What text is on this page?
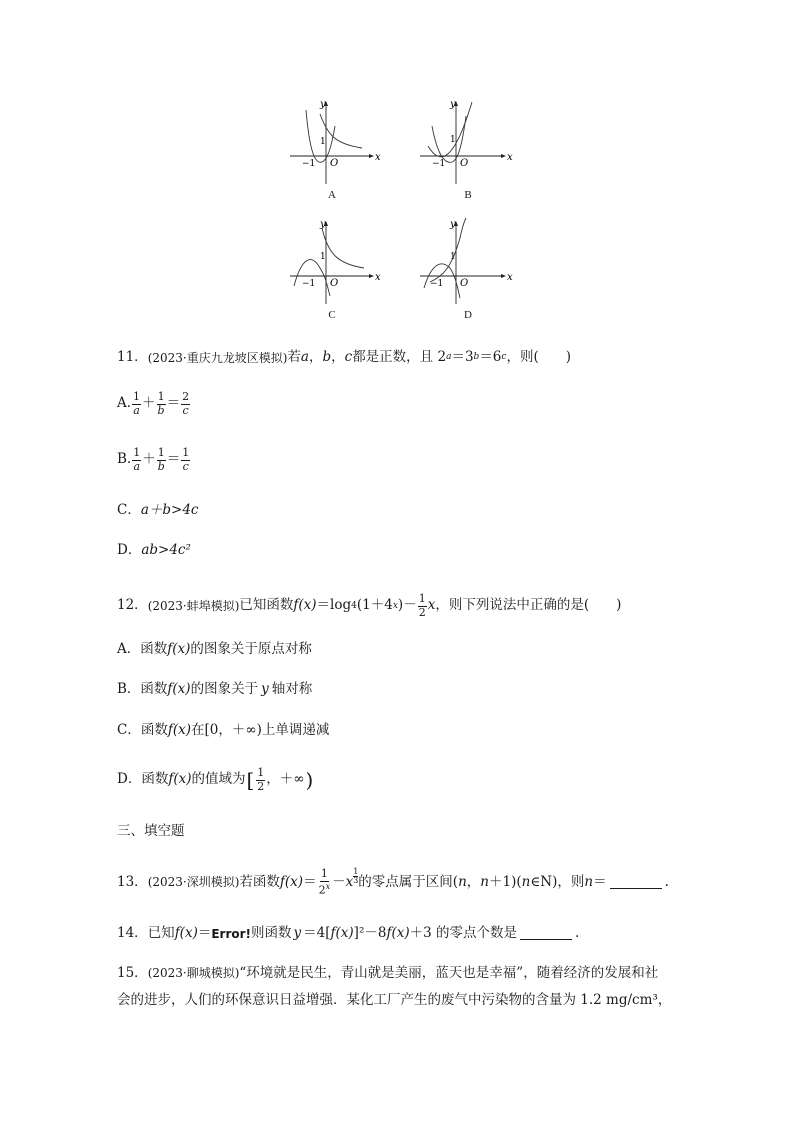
x
y
1
−1 O
A
x
y
1
−1 O
B
x
y
1
−1 O
C
x
y
1
−1 O
D
11． (2023·重庆九龙坡区模拟) 若 a ， b ， c 都是正数，且 2 a ＝3 b ＝6 c ，则(　　)
A. $\frac{1}{a} + \frac{1}{b} = \frac{2}{c}$
B. $\frac{1}{a} + \frac{1}{b} = \frac{1}{c}$
C． a＋b>4c
D． ab>4c²
12． (2023·蚌埠模拟) 已知函数 f(x) ＝log 4 (1＋4 x )－ $\frac{1}{2}$ x ，则下列说法中正确的是(　　)
A．函数 f(x) 的图象关于原点对称
B．函数 f(x) 的图象关于 y 轴对称
C．函数 f(x) 在[0，＋∞)上单调递减
D．函数 f(x) 的值域为 [ $\frac{1}{2}$ ，＋∞ )
三、填空题
13． (2023·深圳模拟) 若函数 $f(x) = \frac{1}{2^x} - x$
$^{1 3}$ 的零点属于区间( n ， n ＋1)( n ∈N)，则 n ＝	.
14． 已知 f(x) ＝ Error! 则函数 y ＝4[ f(x) ]²－8 f(x) ＋3 的零点个数是	.
15．(2023·聊城模拟)“环境就是民生，青山就是美丽，蓝天也是幸福”，随着经济的发展和社
会的进步，人们的环保意识日益增强．某化工厂产生的废气中污染物的含量为 1.2 mg/cm³，
